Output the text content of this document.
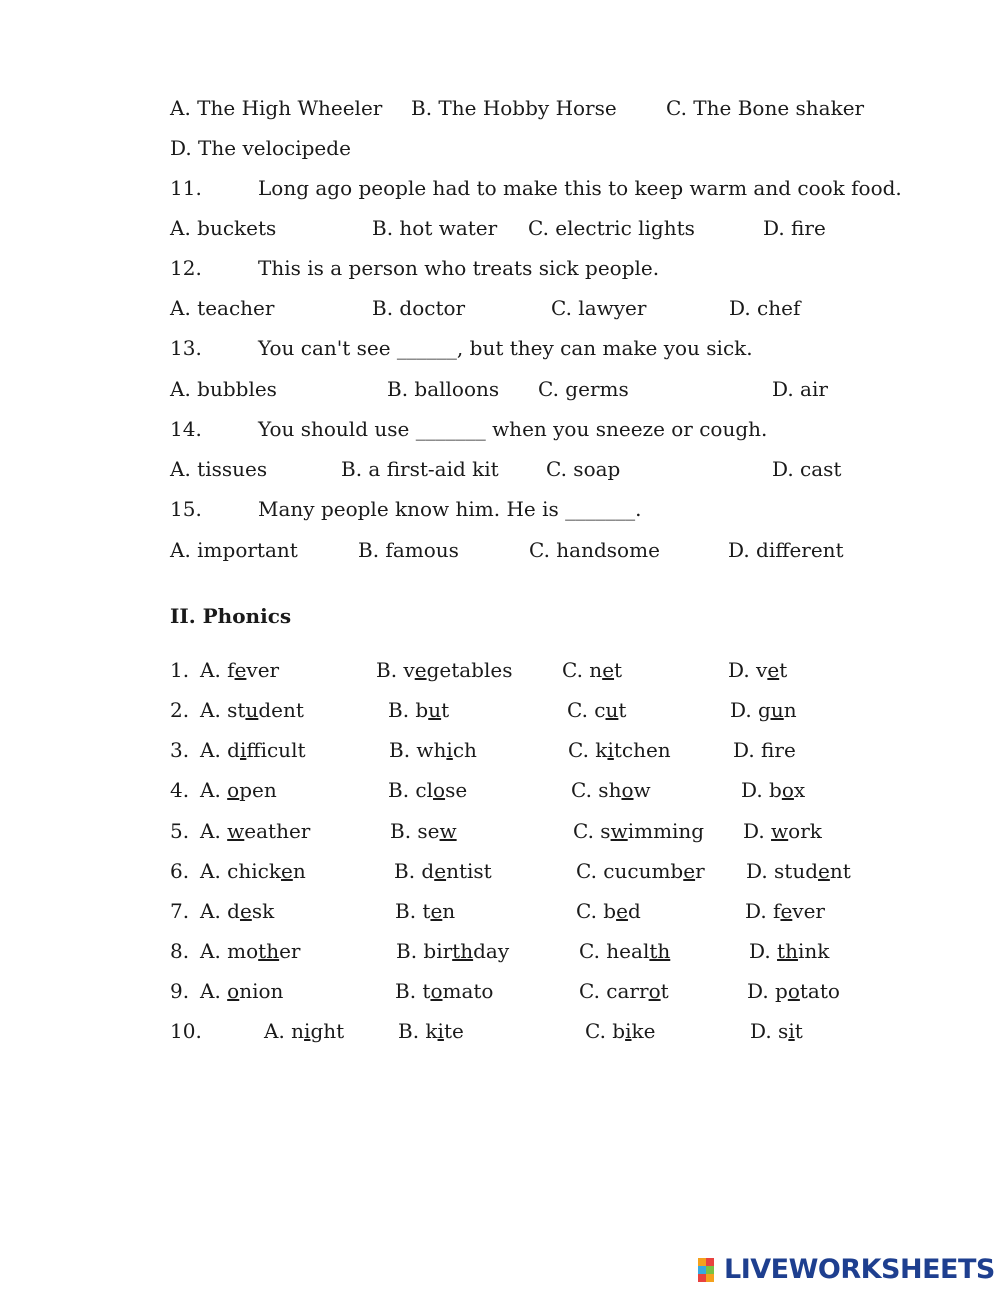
A. The High Wheeler B. The Hobby Horse C. The Bone shaker
D. The velocipede
11.	Long ago people had to make this to keep warm and cook food.
A. buckets	B. hot water C. electric lights	D. fire
12.	This is a person who treats sick people.
A. teacher	B. doctor	C. lawyer	D. chef
13.	You can't see ______, but they can make you sick.
A. bubbles	B. balloons C. germs	D. air
14.	You should use _______ when you sneeze or cough.
A. tissues	B. a first-aid kit C. soap	D. cast
15.	Many people know him. He is _______.
A. important	B. famous	C. handsome	D. different
II. Phonics
1. A. fever	B. vegetables C. net	D. vet
2. A. student	B. but	C. cut	D. gun
3. A. difficult	B. which	C. kitchen	D. fre
4. A. open	B. close	C. show	D. box
5. A. weather	B. sew	C. swimming D. work
6. A. chicken	B. dentist	C. cucumber D. student
7. A. desk	B. ten	C. bed	D. fever
8. A. mother	B. birthday	C. health	D. think
9. A. onion	B. tomato	C. carrot	D. potato
10.	A. night	B. kite	C. bike	D. sit
LIVEWORKSHEETS
